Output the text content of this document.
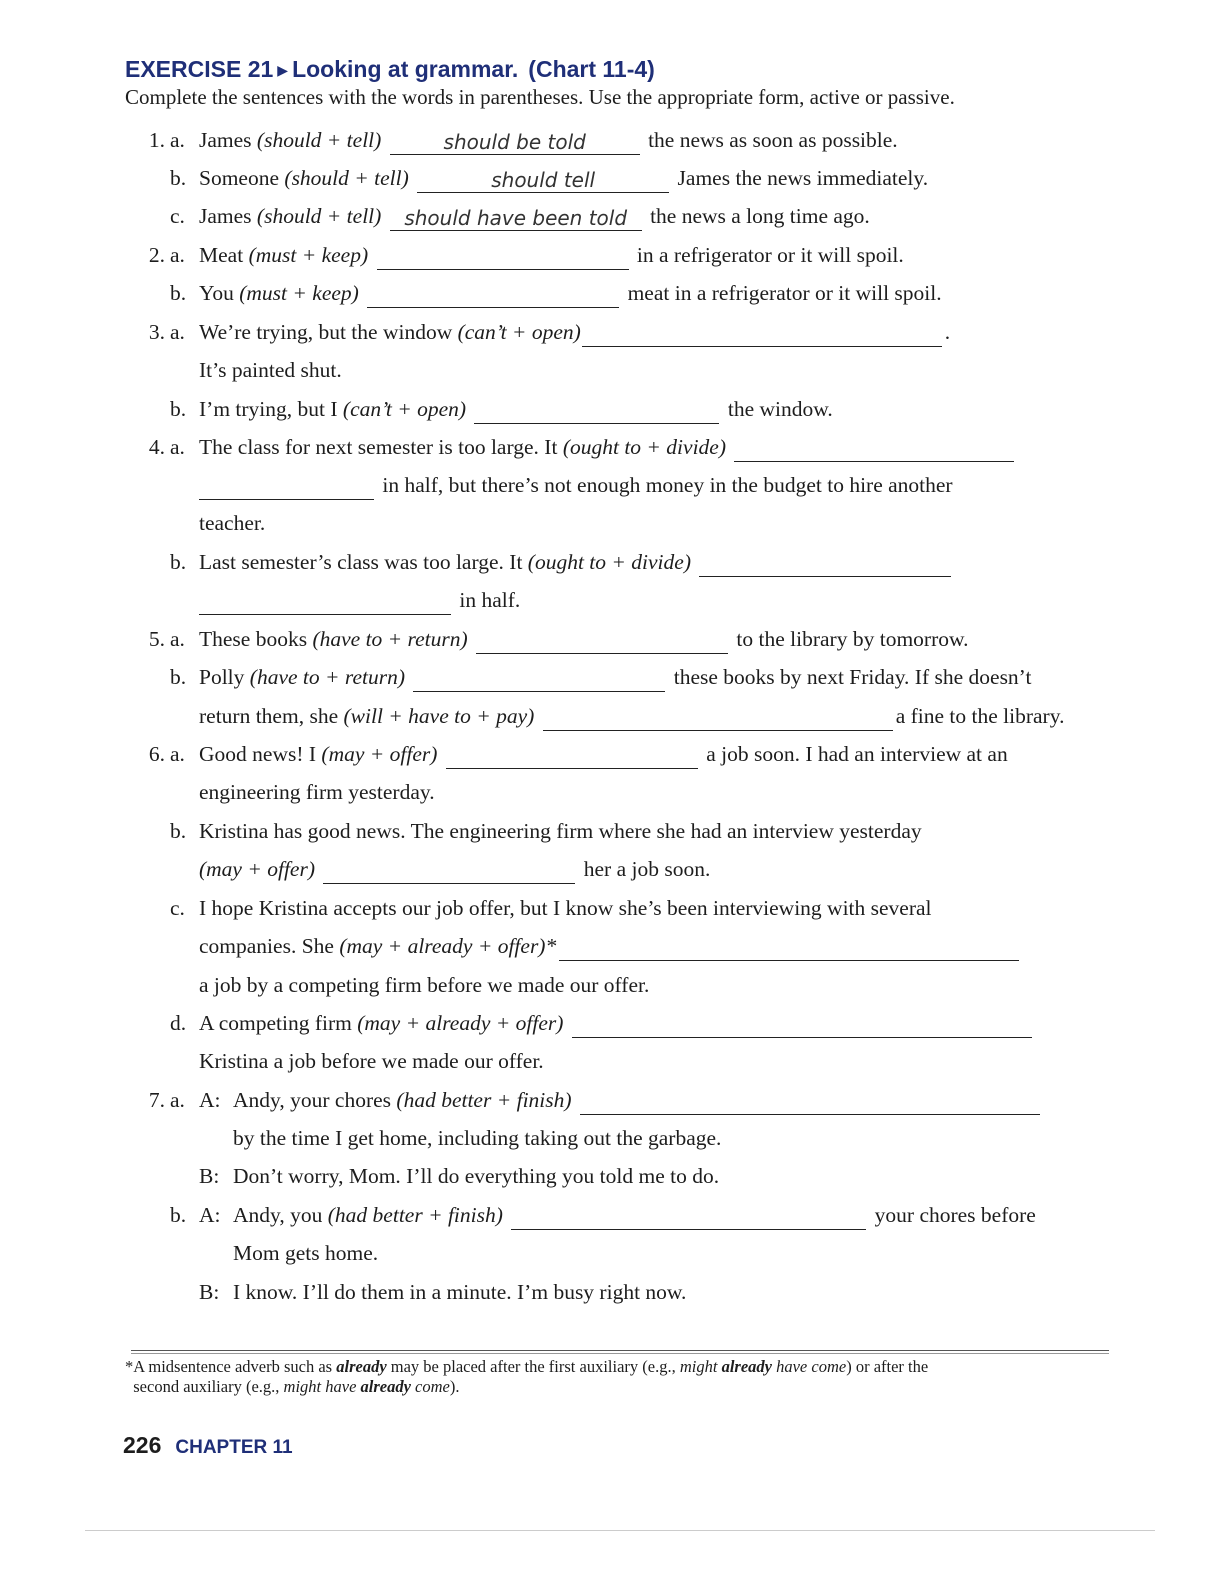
EXERCISE 21 ▶ Looking at grammar. (Chart 11-4)
Complete the sentences with the words in parentheses. Use the appropriate form, active or passive.
1. a. James (should + tell)	should be told	the news as soon as possible.
b. Someone (should + tell)	should tell	James the news immediately.
c. James (should + tell)	should have been told	the news a long time ago.
2. a. Meat (must + keep)	in a refrigerator or it will spoil.
b. You (must + keep)	meat in a refrigerator or it will spoil.
3. a. We’re trying, but the window (can’t + open)	.
It’s painted shut.
b. I’m trying, but I (can’t + open)	the window.
4. a. The class for next semester is too large. It (ought to + divide)
in half, but there’s not enough money in the budget to hire another
teacher.
b. Last semester’s class was too large. It (ought to + divide)
in half.
5. a. These books (have to + return)	to the library by tomorrow.
b. Polly (have to + return)	these books by next Friday. If she doesn’t
return them, she (will + have to + pay)	a fine to the library.
6. a. Good news! I (may + offer)	a job soon. I had an interview at an
engineering firm yesterday.
b. Kristina has good news. The engineering firm where she had an interview yesterday
(may + offer)	her a job soon.
c. I hope Kristina accepts our job offer, but I know she’s been interviewing with several
companies. She (may + already + offer)*
a job by a competing firm before we made our offer.
d. A competing firm (may + already + offer)
Kristina a job before we made our offer.
7. a. A: Andy, your chores (had better + finish)
by the time I get home, including taking out the garbage.
B: Don’t worry, Mom. I’ll do everything you told me to do.
b. A: Andy, you (had better + finish)	your chores before
Mom gets home.
B: I know. I’ll do them in a minute. I’m busy right now.
*A midsentence adverb such as already may be placed after the first auxiliary (e.g., might already have come) or after the
second auxiliary (e.g., might have already come).
226 CHAPTER 11
